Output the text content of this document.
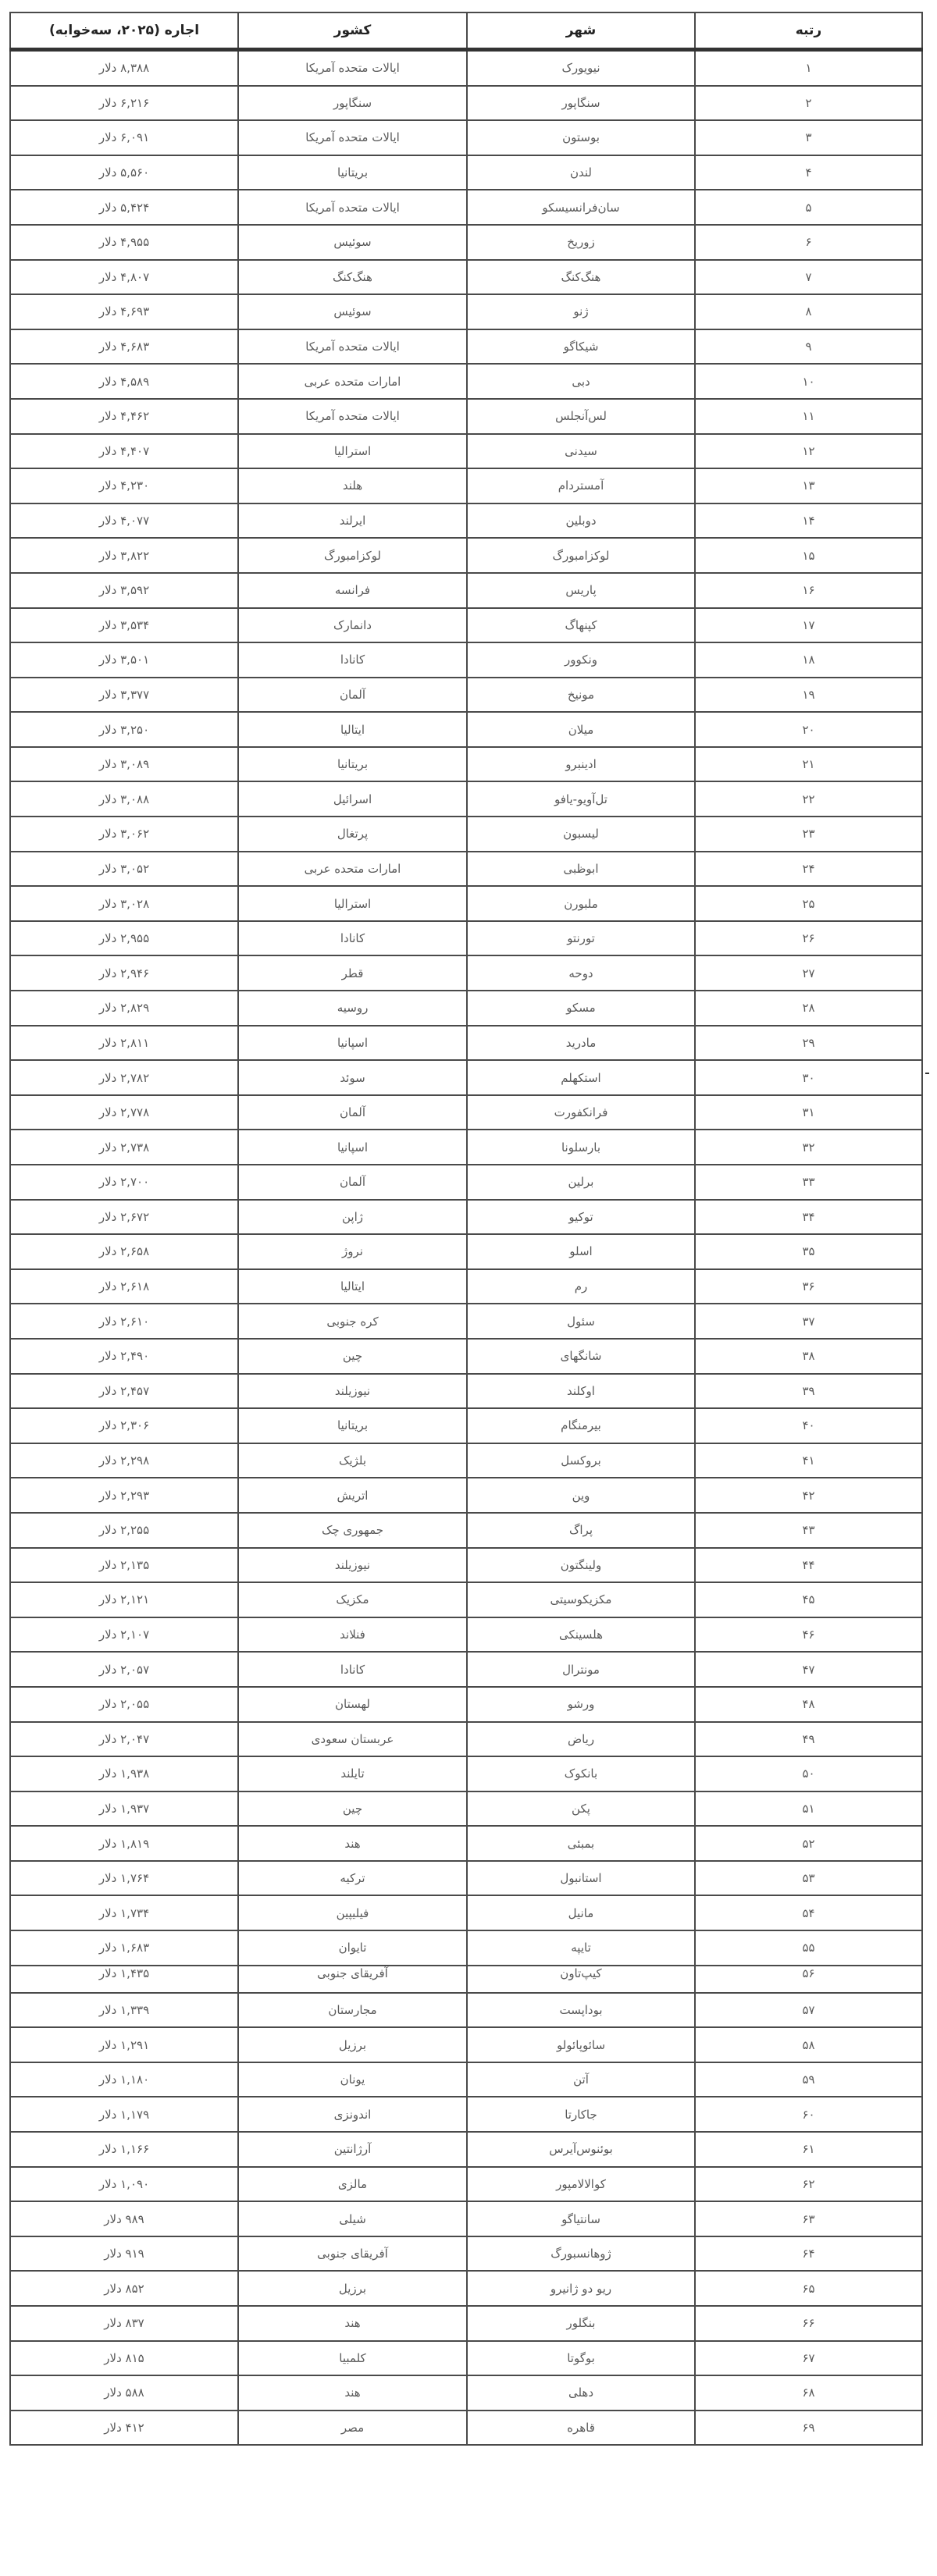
رتبه	شهر	کشور	اجاره (۲۰۲۵، سه‌خوابه)
۱	نیویورک	ایالات متحده آمریکا	۸,۳۸۸ دلار
۲	سنگاپور	سنگاپور	۶,۲۱۶ دلار
۳	بوستون	ایالات متحده آمریکا	۶,۰۹۱ دلار
۴	لندن	بریتانیا	۵,۵۶۰ دلار
۵	سان‌فرانسیسکو	ایالات متحده آمریکا	۵,۴۲۴ دلار
۶	زوریخ	سوئیس	۴,۹۵۵ دلار
۷	هنگ‌کنگ	هنگ‌کنگ	۴,۸۰۷ دلار
۸	ژنو	سوئیس	۴,۶۹۳ دلار
۹	شیکاگو	ایالات متحده آمریکا	۴,۶۸۳ دلار
۱۰	دبی	امارات متحده عربی	۴,۵۸۹ دلار
۱۱	لس‌آنجلس	ایالات متحده آمریکا	۴,۴۶۲ دلار
۱۲	سیدنی	استرالیا	۴,۴۰۷ دلار
۱۳	آمستردام	هلند	۴,۲۳۰ دلار
۱۴	دوبلین	ایرلند	۴,۰۷۷ دلار
۱۵	لوکزامبورگ	لوکزامبورگ	۳,۸۲۲ دلار
۱۶	پاریس	فرانسه	۳,۵۹۲ دلار
۱۷	کپنهاگ	دانمارک	۳,۵۳۴ دلار
۱۸	ونکوور	کانادا	۳,۵۰۱ دلار
۱۹	مونیخ	آلمان	۳,۳۷۷ دلار
۲۰	میلان	ایتالیا	۳,۲۵۰ دلار
۲۱	ادینبرو	بریتانیا	۳,۰۸۹ دلار
۲۲	تل‌آویو-یافو	اسرائیل	۳,۰۸۸ دلار
۲۳	لیسبون	پرتغال	۳,۰۶۲ دلار
۲۴	ابوظبی	امارات متحده عربی	۳,۰۵۲ دلار
۲۵	ملبورن	استرالیا	۳,۰۲۸ دلار
۲۶	تورنتو	کانادا	۲,۹۵۵ دلار
۲۷	دوحه	قطر	۲,۹۴۶ دلار
۲۸	مسکو	روسیه	۲,۸۲۹ دلار
۲۹	مادرید	اسپانیا	۲,۸۱۱ دلار
۳۰	استکهلم	سوئد	۲,۷۸۲ دلار
۳۱	فرانکفورت	آلمان	۲,۷۷۸ دلار
۳۲	بارسلونا	اسپانیا	۲,۷۳۸ دلار
۳۳	برلین	آلمان	۲,۷۰۰ دلار
۳۴	توکیو	ژاپن	۲,۶۷۲ دلار
۳۵	اسلو	نروژ	۲,۶۵۸ دلار
۳۶	رم	ایتالیا	۲,۶۱۸ دلار
۳۷	سئول	کره جنوبی	۲,۶۱۰ دلار
۳۸	شانگهای	چین	۲,۴۹۰ دلار
۳۹	اوکلند	نیوزیلند	۲,۴۵۷ دلار
۴۰	بیرمنگام	بریتانیا	۲,۳۰۶ دلار
۴۱	بروکسل	بلژیک	۲,۲۹۸ دلار
۴۲	وین	اتریش	۲,۲۹۳ دلار
۴۳	پراگ	جمهوری چک	۲,۲۵۵ دلار
۴۴	ولینگتون	نیوزیلند	۲,۱۳۵ دلار
۴۵	مکزیکوسیتی	مکزیک	۲,۱۲۱ دلار
۴۶	هلسینکی	فنلاند	۲,۱۰۷ دلار
۴۷	مونترال	کانادا	۲,۰۵۷ دلار
۴۸	ورشو	لهستان	۲,۰۵۵ دلار
۴۹	ریاض	عربستان سعودی	۲,۰۴۷ دلار
۵۰	بانکوک	تایلند	۱,۹۳۸ دلار
۵۱	پکن	چین	۱,۹۳۷ دلار
۵۲	بمبئی	هند	۱,۸۱۹ دلار
۵۳	استانبول	ترکیه	۱,۷۶۴ دلار
۵۴	مانیل	فیلیپین	۱,۷۳۴ دلار
۵۵	تایپه	تایوان	۱,۶۸۳ دلار
۵۶	کیپ‌تاون	آفریقای جنوبی	۱,۴۳۵ دلار
۵۷	بوداپست	مجارستان	۱,۳۳۹ دلار
۵۸	سائوپائولو	برزیل	۱,۲۹۱ دلار
۵۹	آتن	یونان	۱,۱۸۰ دلار
۶۰	جاکارتا	اندونزی	۱,۱۷۹ دلار
۶۱	بوئنوس‌آیرس	آرژانتین	۱,۱۶۶ دلار
۶۲	کوالالامپور	مالزی	۱,۰۹۰ دلار
۶۳	سانتیاگو	شیلی	۹۸۹ دلار
۶۴	ژوهانسبورگ	آفریقای جنوبی	۹۱۹ دلار
۶۵	ریو دو ژانیرو	برزیل	۸۵۲ دلار
۶۶	بنگلور	هند	۸۳۷ دلار
۶۷	بوگوتا	کلمبیا	۸۱۵ دلار
۶۸	دهلی	هند	۵۸۸ دلار
۶۹	قاهره	مصر	۴۱۲ دلار
